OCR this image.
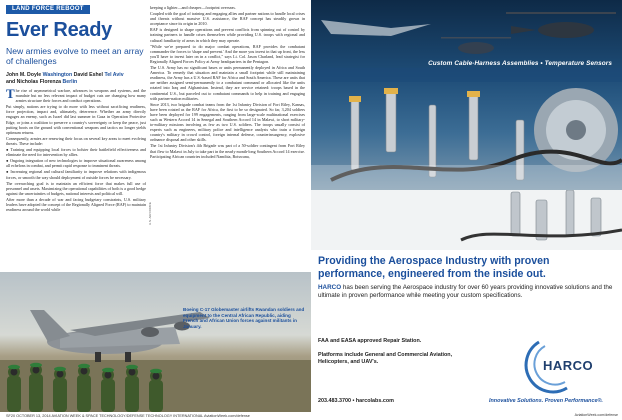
LAND FORCE REBOOT
Ever Ready
New armies evolve to meet an array of challenges
John M. Doyle Washington David Eshel Tel Aviv
and Nicholas Florenza Berlin

The rise of asymmetrical warfare, advances in weapons and systems, and the mandate but no less relevant impact of budget cuts are changing how many armies structure their forces and conduct operations.

Put simply, nations are trying to do more with less without sacrificing readiness, force projection, impact and, ultimately, deterrence. Whether an army directly engages an enemy, such as Israel did last summer in Gaza in Operation Protective Edge, or joins a coalition to preserve a country's sovereignty or keep the peace, just putting boots on the ground with conventional weapons and tactics no longer yields optimum returns.

Consequently, armies are renewing their focus on several key areas to meet evolving threats. These include:

● Training and equipping local forces to bolster their battlefield effectiveness and eliminate the need for intervention by allies.

● Ongoing integration of new technologies to improve situational awareness among all echelons in combat, and permit rapid response to imminent threats.

● Increasing regional and cultural familiarity to improve relations with indigenous forces, or smooth the way should deployment of outside forces be necessary.

The overarching goal is to maintain an efficient force that makes full use of personnel and assets. Maximizing the operational capabilities of both is a good hedge against the uncertainties of budgets, national interests and political will.

After more than a decade of war and facing budgetary constraints, U.S. military leaders have adopted the concept of the Regionally Aligned Force (RAF) to maintain readiness around the world while

keeping a lighter—and cheaper—footprint overseas.

Coupled with the goal of training and engaging allies and partner nations to handle local crises and threats without massive U.S. assistance, the RAF concept has steadily grown in acceptance since its origin in 2010.

RAF is designed to shape operations and prevent conflicts from spinning out of control by training partners to handle crises themselves while providing U.S. troops with regional and cultural familiarity of areas in which they may operate.

"While we're prepared to do major combat operations, RAF provides the combatant commander the forces to 'shape and prevent.' And the more you invest in that up front, the less you'll have to invest later on in a conflict," says Lt. Col. Jason Charland, lead strategist for Regionally Aligned Forces Policy at Army headquarters in the Pentagon.

The U.S. Army has no significant bases or units permanently deployed in Africa and South America. To remedy that situation and maintain a small footprint while still maintaining readiness, the Army has a U.S.-based RAF for Africa and South America. These are units that are neither assigned semi-permanently to a combatant command or allocated like the units rotated into Iraq and Afghanistan. Instead, they are service retained: troops based in the continental U.S., but parceled out to combatant commands to help in training and engaging with partner-nation militaries.

Since 2013, two brigade combat teams from the 1st Infantry Division of Fort Riley, Kansas, have been rotated as the RAF for Africa, the first to be so designated. So far, 3,204 soldiers have been deployed for 199 engagements, ranging from large-scale multinational exercises such as Western Accord 14 in Senegal and Southern Accord 14 in Malawi, to short military-to-military missions involving as few as two U.S. soldiers. The troops usually consist of experts such as engineers, military police and intelligence analysts who train a foreign country's military in crowd control, foreign internal defense, counterinsurgency, explosive ordnance disposal and other skills.

The 1st Infantry Division's 4th Brigade was part of a 50-soldier contingent from Fort Riley that flew to Malawi in July to take part in the nearly month-long Southern Accord 14 exercise. Participating African countries included Namibia, Botswana,

U.S. AIR FORCE
Boeing C-17 Globemaster airlifts Rwandan soldiers and equipment to the Central African Republic, aiding French and African Union forces against militants in January.
SF20 OCTOBER 13, 2014 AVIATION WEEK & SPACE TECHNOLOGY/DEFENSE TECHNOLOGY INTERNATIONAL AviationWeek.com/defense
Custom Cable-Harness Assemblies • Temperature Sensors
Providing the Aerospace Industry with proven performance, engineered from the inside out.
HARCO has been serving the Aerospace industry for over 60 years providing innovative solutions and the ultimate in proven performance while meeting your custom specifications.
FAA and EASA approved Repair Station.
Platforms include General and Commercial Aviation, Helicopters, and UAV's.	HARCO
203.483.3700 • harcolabs.com	Innovative Solutions. Proven Performance®.
AviationWeek.com/defense
